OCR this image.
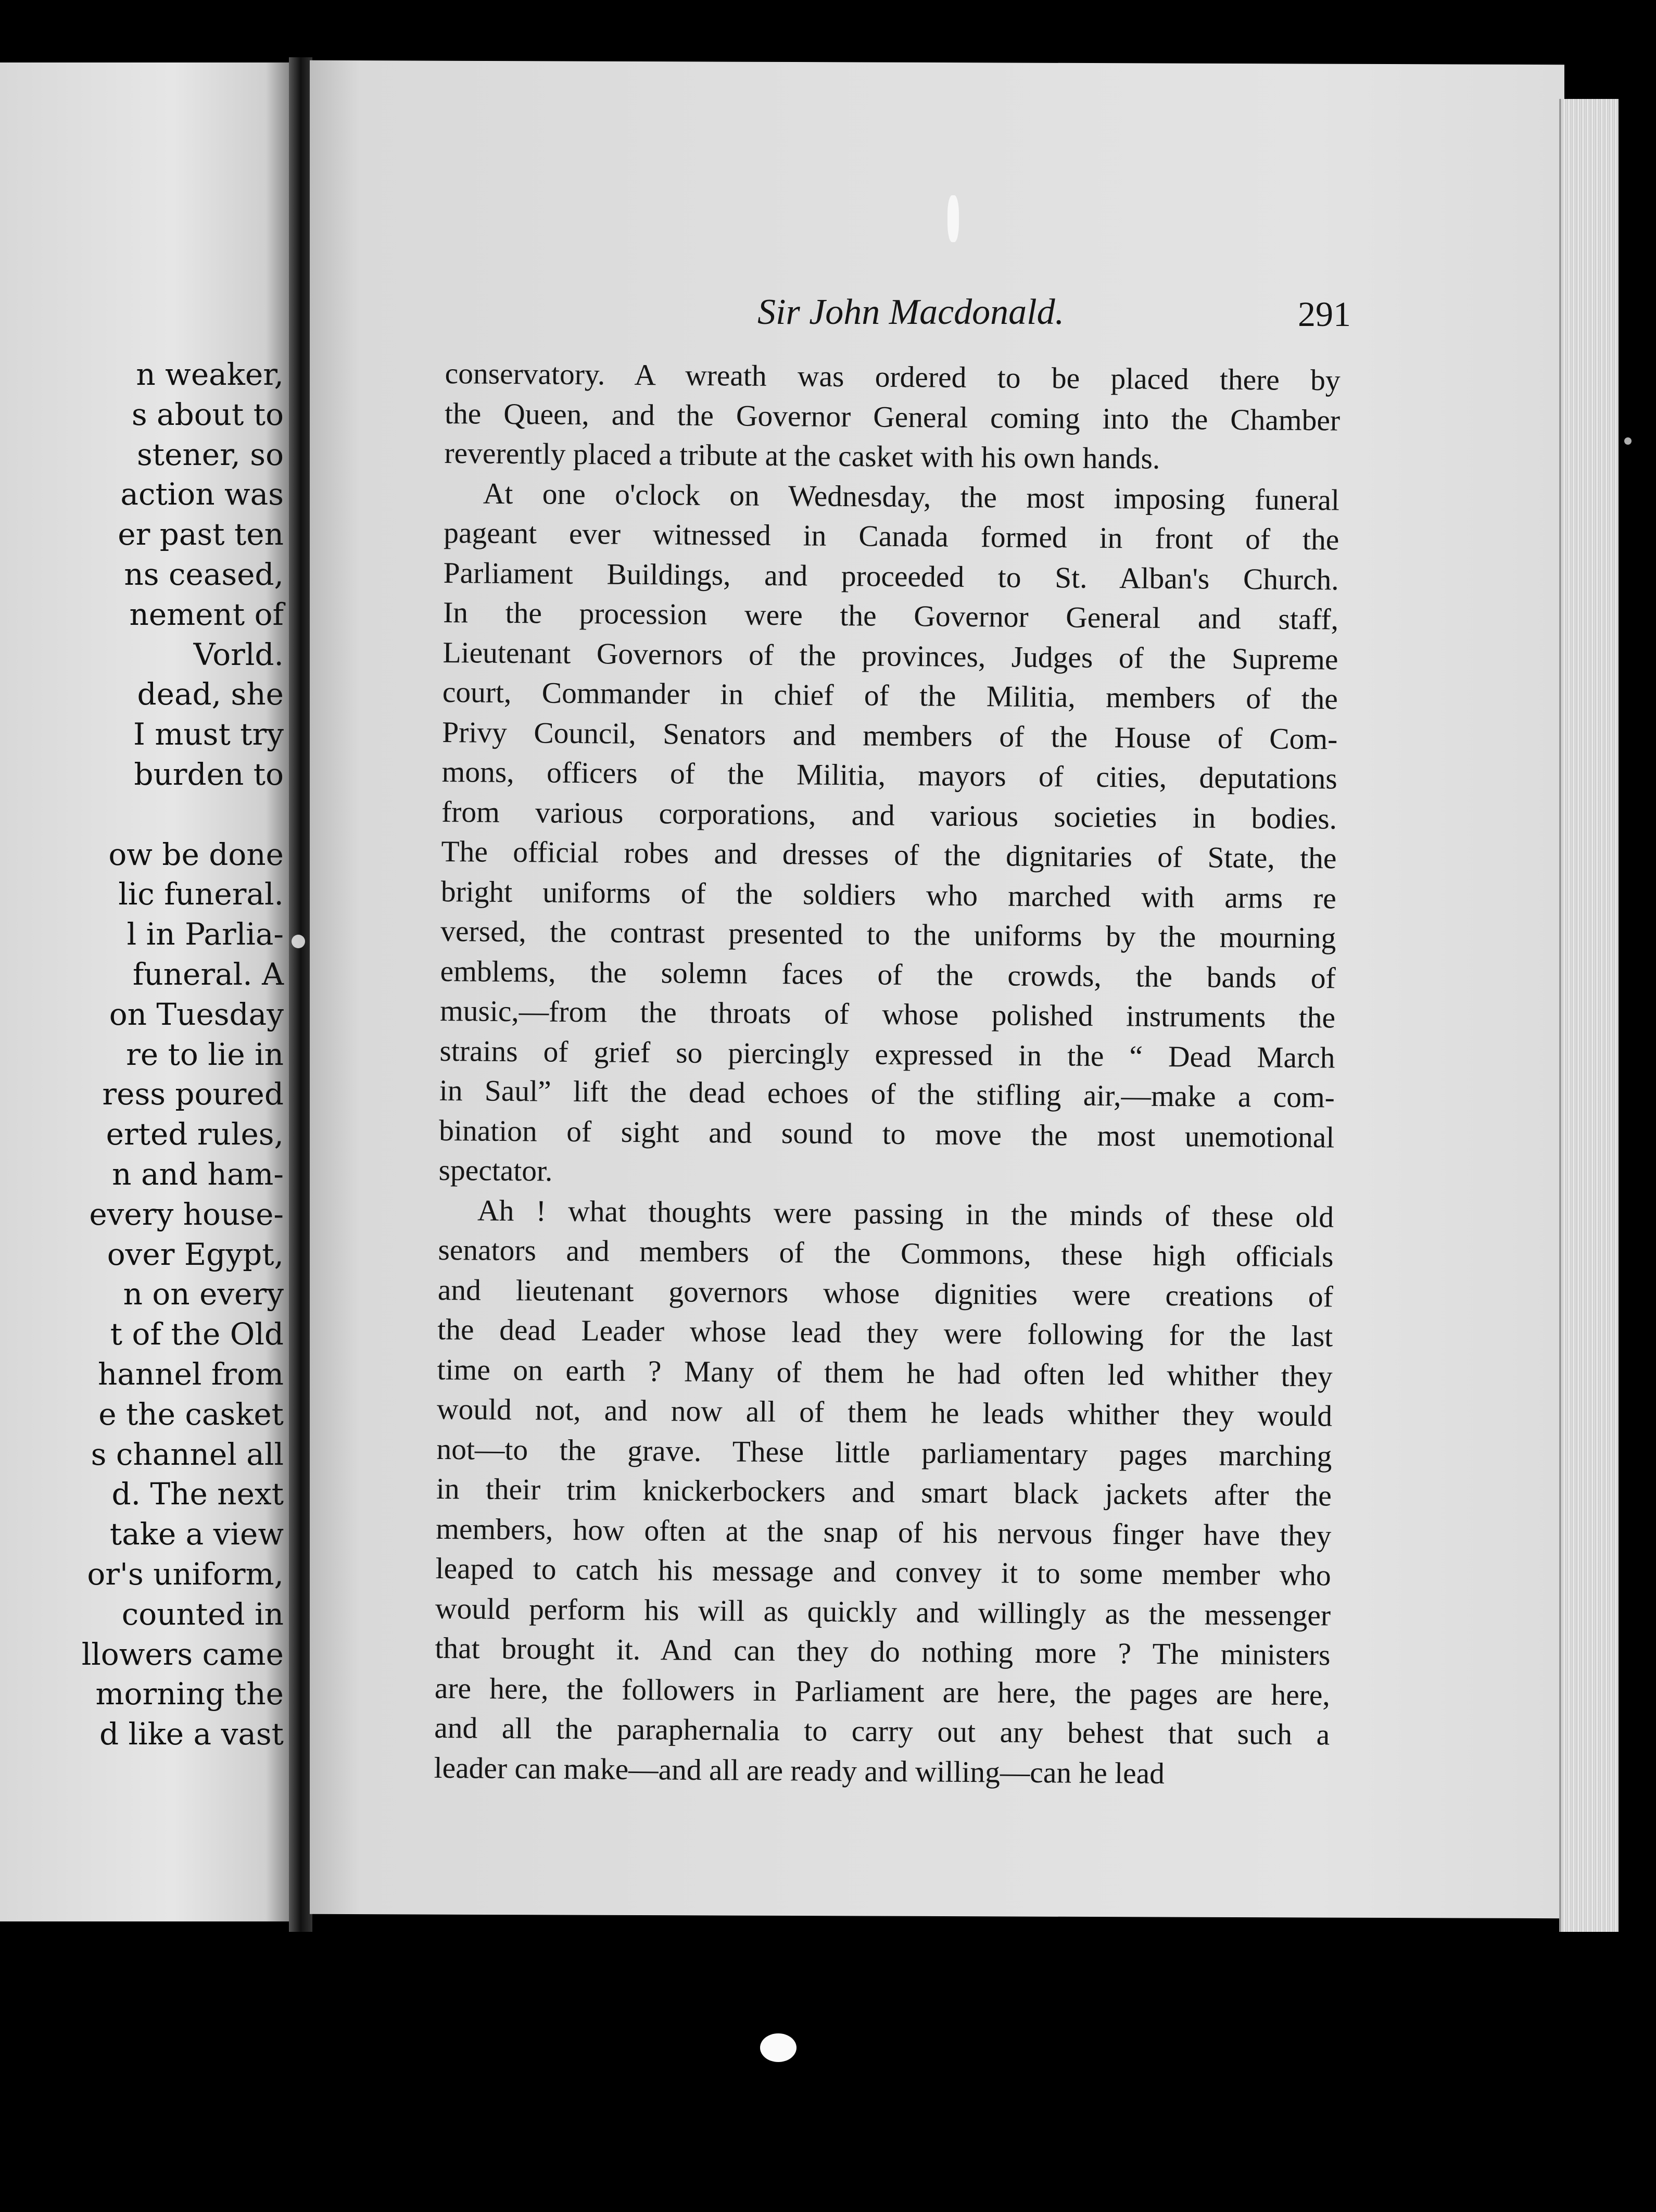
n weaker,
s about to
stener, so
action was
er past ten
ns ceased,
nement of
Vorld.
dead, she
I must try
burden to
ow be done
lic funeral.
l in Parlia-
funeral. A
on Tuesday
re to lie in
ress poured
erted rules,
n and ham-
every house-
over Egypt,
n on every
t of the Old
hannel from
e the casket
s channel all
d. The next
take a view
or's uniform,
counted in
llowers came
morning the
d like a vast
Sir John Macdonald.	291
conservatory. A wreath was ordered to be placed there by
the Queen, and the Governor General coming into the Chamber
reverently placed a tribute at the casket with his own hands.
At one o'clock on Wednesday, the most imposing funeral
pageant ever witnessed in Canada formed in front of the
Parliament Buildings, and proceeded to St. Alban's Church.
In the procession were the Governor General and staff,
Lieutenant Governors of the provinces, Judges of the Supreme
court, Commander in chief of the Militia, members of the
Privy Council, Senators and members of the House of Com-
mons, officers of the Militia, mayors of cities, deputations
from various corporations, and various societies in bodies.
The official robes and dresses of the dignitaries of State, the
bright uniforms of the soldiers who marched with arms re
versed, the contrast presented to the uniforms by the mourning
emblems, the solemn faces of the crowds, the bands of
music,—from the throats of whose polished instruments the
strains of grief so piercingly expressed in the “ Dead March
in Saul” lift the dead echoes of the stifling air,—make a com-
bination of sight and sound to move the most unemotional
spectator.
Ah ! what thoughts were passing in the minds of these old
senators and members of the Commons, these high officials
and lieutenant governors whose dignities were creations of
the dead Leader whose lead they were following for the last
time on earth ? Many of them he had often led whither they
would not, and now all of them he leads whither they would
not—to the grave. These little parliamentary pages marching
in their trim knickerbockers and smart black jackets after the
members, how often at the snap of his nervous finger have they
leaped to catch his message and convey it to some member who
would perform his will as quickly and willingly as the messenger
that brought it. And can they do nothing more ? The ministers
are here, the followers in Parliament are here, the pages are here,
and all the paraphernalia to carry out any behest that such a
leader can make—and all are ready and willing—can he lead
